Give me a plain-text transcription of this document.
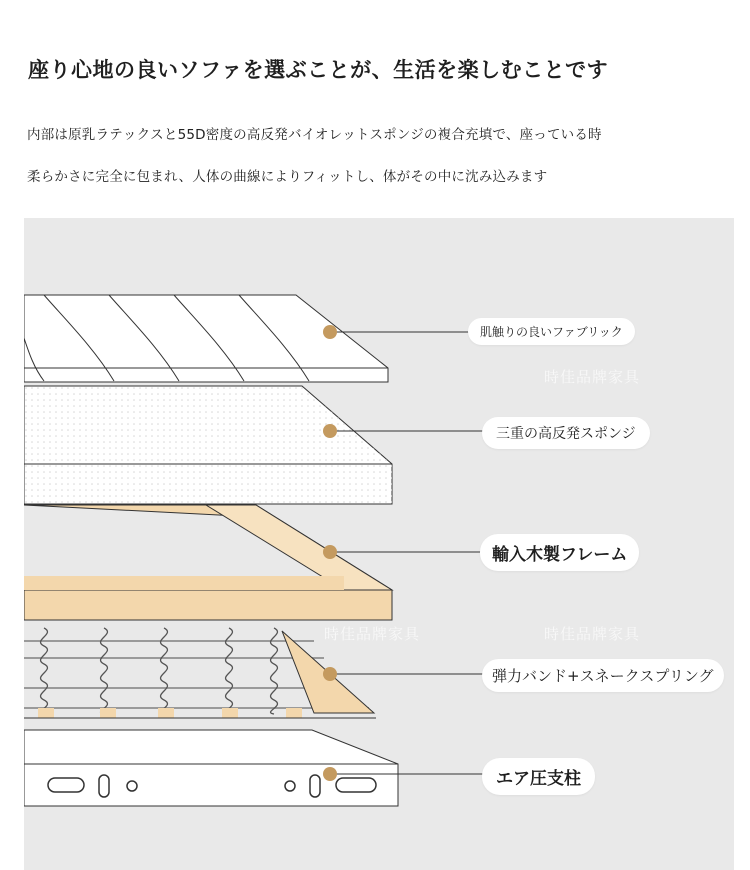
座り心地の良いソファを選ぶことが、生活を楽しむことです
内部は原乳ラテックスと55D密度の高反発バイオレットスポンジの複合充填で、座っている時
柔らかさに完全に包まれ、人体の曲線によりフィットし、体がその中に沈み込みます
時佳品牌家具
時佳品牌家具
時佳品牌家具
肌触りの良いファブリック
三重の高反発スポンジ
輸入木製フレーム
弾力バンド+スネークスプリング
エア圧支柱
